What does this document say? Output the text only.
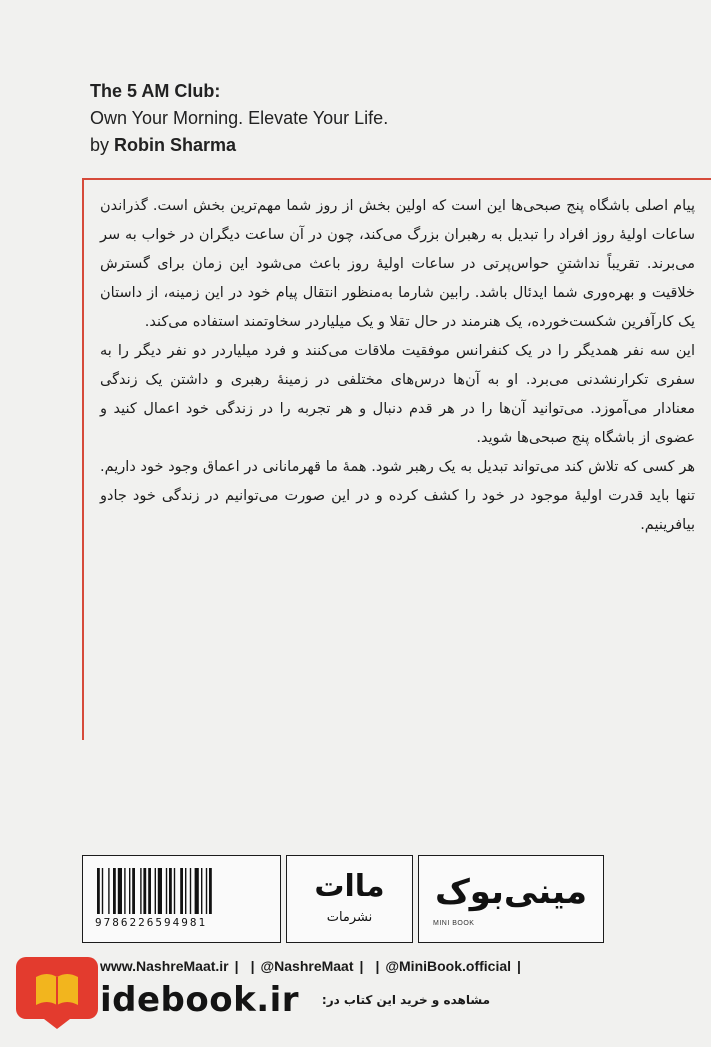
The 5 AM Club:
Own Your Morning. Elevate Your Life.
by Robin Sharma

پیام اصلی باشگاه پنج صبحی‌ها این است که اولین بخش از روز شما مهم‌ترین بخش است. گذراندن ساعات اولیهٔ روز افراد را تبدیل به رهبران بزرگ می‌کند، چون در آن ساعت دیگران در خواب به سر می‌برند. تقریباً نداشتنِ حواس‌پرتی در ساعات اولیهٔ روز باعث می‌شود این زمان برای گسترش خلاقیت و بهره‌وری شما ایدئال باشد. رابین شارما به‌منظور انتقال پیام خود در این زمینه، از داستان یک کارآفرین شکست‌خورده، یک هنرمند در حال تقلا و یک میلیاردر سخاوتمند استفاده می‌کند.

این سه نفر همدیگر را در یک کنفرانس موفقیت ملاقات می‌کنند و فرد میلیاردر دو نفر دیگر را به سفری تکرارنشدنی می‌برد. او به آن‌ها درس‌های مختلفی در زمینهٔ رهبری و داشتن یک زندگی معنادار می‌آموزد. می‌توانید آن‌ها را در هر قدم دنبال و هر تجربه را در زندگی خود اعمال کنید و عضوی از باشگاه پنج صبحی‌ها شوید.

هر کسی که تلاش کند می‌تواند تبدیل به یک رهبر شود. همهٔ ما قهرمانانی در اعماق وجود خود داریم. تنها باید قدرت اولیهٔ موجود در خود را کشف کرده و در این صورت می‌توانیم در زندگی خود جادو بیافرینیم.

9786226594981
ماات
نشرمات
مینی‌بوک
MINI BOOK
www.NashreMaat.ir | | @NashreMaat | | @MiniBook.official |
idebook.ir	مشاهده و خرید این کتاب در:
